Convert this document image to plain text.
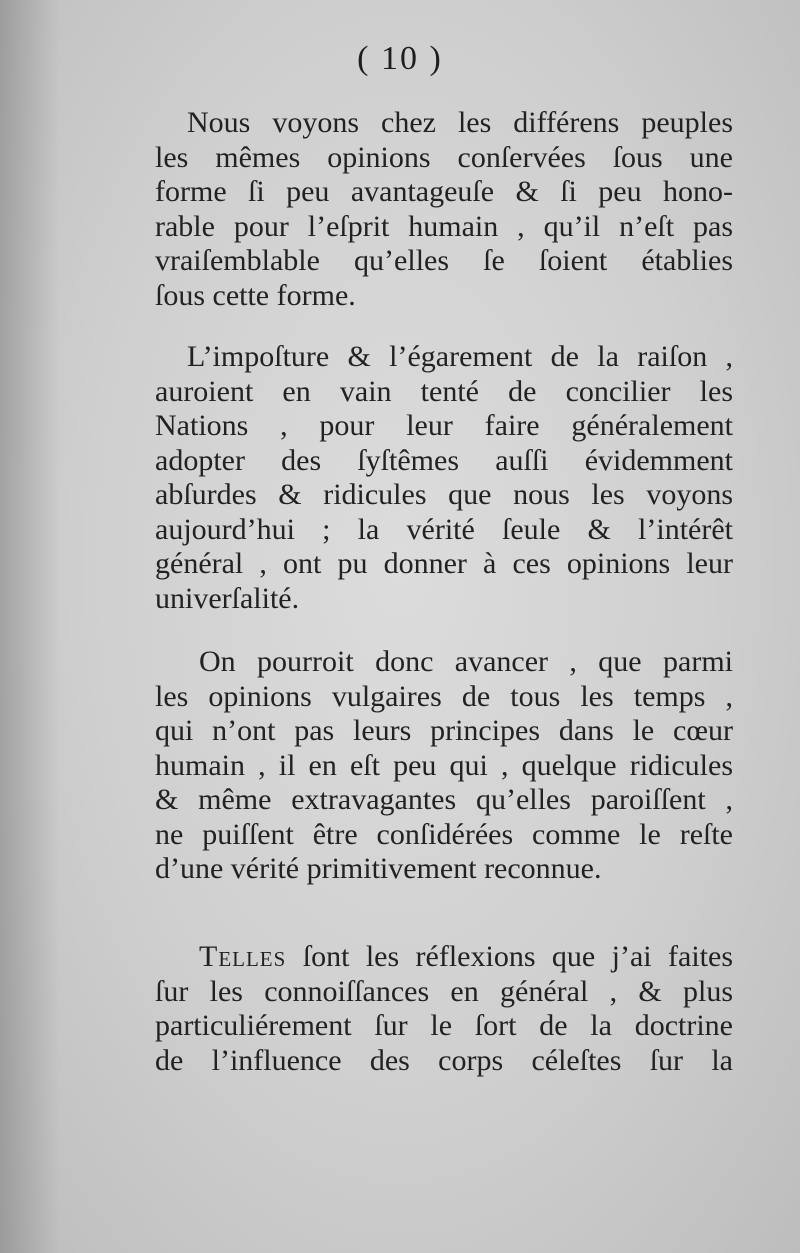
( 10 )
Nous voyons chez les différens peuples
les mêmes opinions conſervées ſous une
forme ſi peu avantageuſe & ſi peu hono-
rable pour l’eſprit humain , qu’il n’eſt pas
vraiſemblable qu’elles ſe ſoient établies
ſous cette forme.
L’impoſture & l’égarement de la raiſon ,
auroient en vain tenté de concilier les
Nations , pour leur faire généralement
adopter des ſyſtêmes auſſi évidemment
abſurdes & ridicules que nous les voyons
aujourd’hui ; la vérité ſeule & l’intérêt
général , ont pu donner à ces opinions leur
univerſalité.
On pourroit donc avancer , que parmi
les opinions vulgaires de tous les temps ,
qui n’ont pas leurs principes dans le cœur
humain , il en eſt peu qui , quelque ridicules
& même extravagantes qu’elles paroiſſent ,
ne puiſſent être conſidérées comme le reſte
d’une vérité primitivement reconnue.
Telles ſont les réflexions que j’ai faites
ſur les connoiſſances en général , & plus
particuliérement ſur le ſort de la doctrine
de l’influence des corps céleſtes ſur la
